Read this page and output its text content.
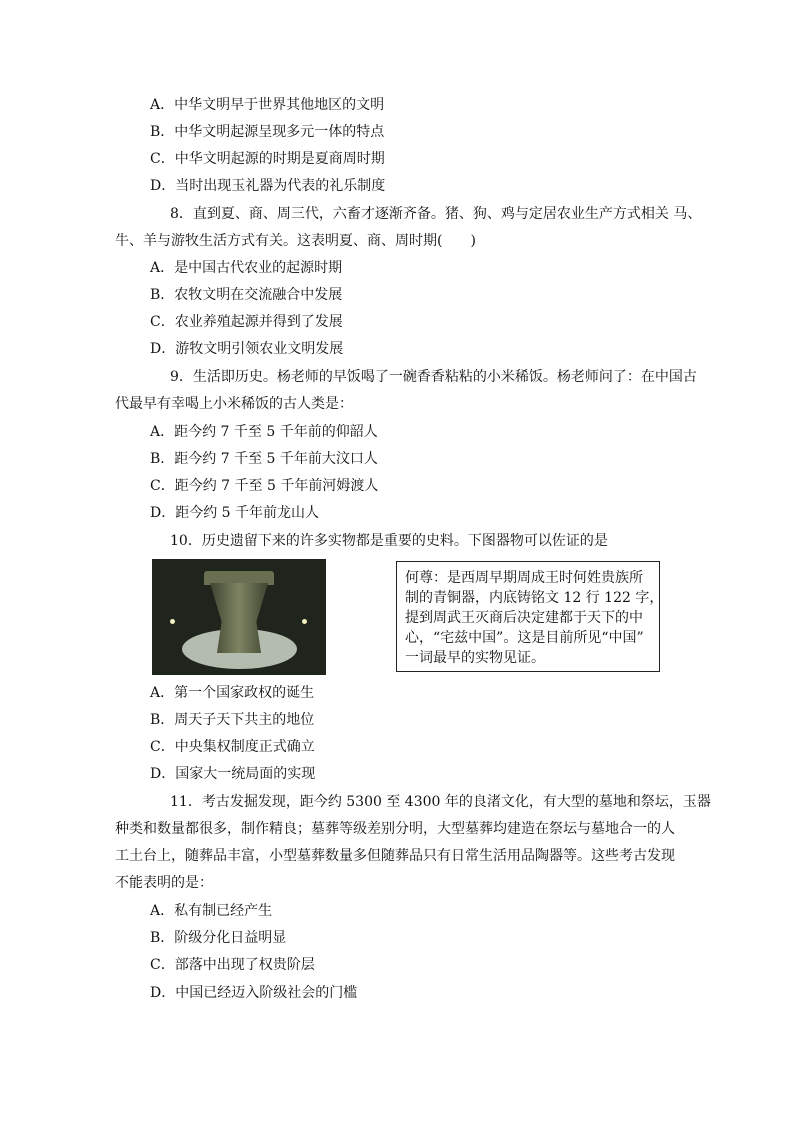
A．中华文明早于世界其他地区的文明
B．中华文明起源呈现多元一体的特点
C．中华文明起源的时期是夏商周时期
D．当时出现玉礼器为代表的礼乐制度
8．直到夏、商、周三代，六畜才逐渐齐备。猪、狗、鸡与定居农业生产方式相关 马、
牛、羊与游牧生活方式有关。这表明夏、商、周时期(　　)
A．是中国古代农业的起源时期
B．农牧文明在交流融合中发展
C．农业养殖起源并得到了发展
D．游牧文明引领农业文明发展
9．生活即历史。杨老师的早饭喝了一碗香香粘粘的小米稀饭。杨老师问了：在中国古
代最早有幸喝上小米稀饭的古人类是：
A．距今约 7 千至 5 千年前的仰韶人
B．距今约 7 千至 5 千年前大汶口人
C．距今约 7 千至 5 千年前河姆渡人
D．距今约 5 千年前龙山人
10．历史遗留下来的许多实物都是重要的史料。下图器物可以佐证的是

何尊：是西周早期周成王时何姓贵族所

制的青铜器，内底铸铭文 12 行 122 字，

提到周武王灭商后决定建都于天下的中

心，“宅兹中国”。这是目前所见“中国”

一词最早的实物见证。

A．第一个国家政权的诞生
B．周天子天下共主的地位
C．中央集权制度正式确立
D．国家大一统局面的实现
11．考古发掘发现，距今约 5300 至 4300 年的良渚文化，有大型的墓地和祭坛，玉器
种类和数量都很多，制作精良；墓葬等级差别分明，大型墓葬均建造在祭坛与墓地合一的人
工土台上，随葬品丰富，小型墓葬数量多但随葬品只有日常生活用品陶器等。这些考古发现
不能表明的是：
A．私有制已经产生
B．阶级分化日益明显
C．部落中出现了权贵阶层
D．中国已经迈入阶级社会的门槛
